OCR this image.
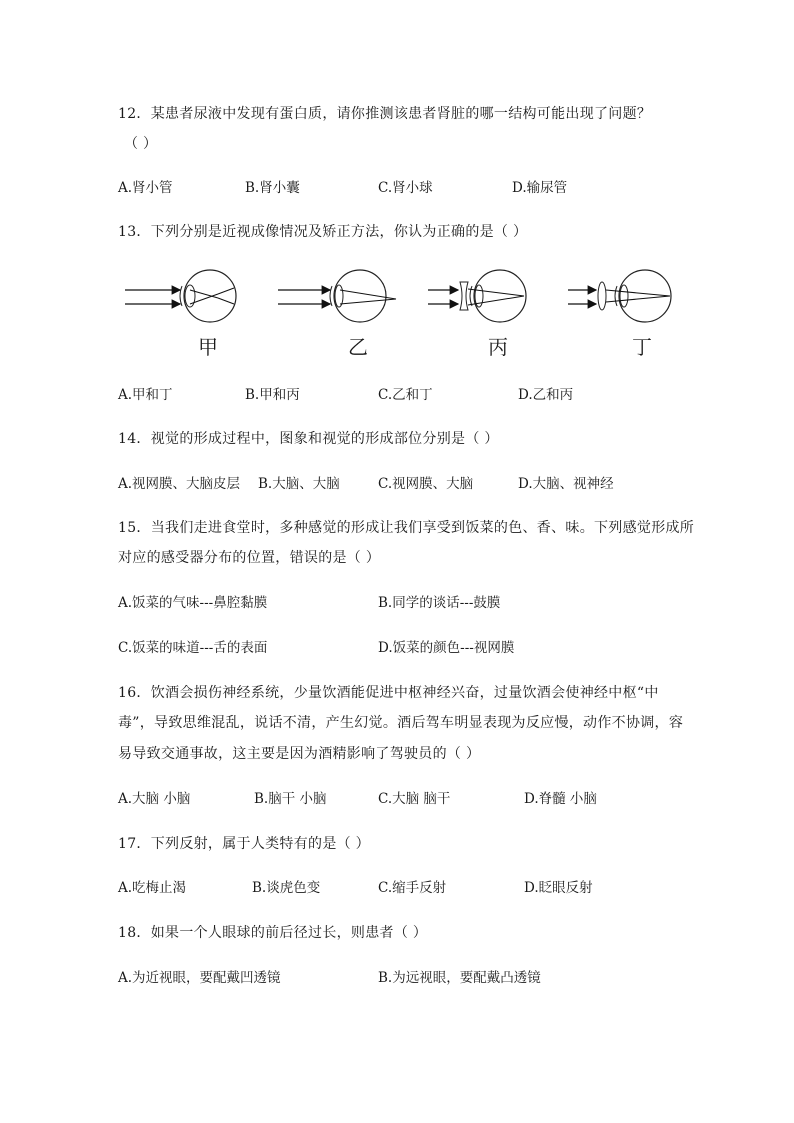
12．某患者尿液中发现有蛋白质，请你推测该患者肾脏的哪一结构可能出现了问题？
（ ）
A.肾小管	B.肾小囊	C.肾小球	D.输尿管
13．下列分别是近视成像情况及矫正方法，你认为正确的是（ ）
甲	乙	丙	丁
A.甲和丁	B.甲和丙	C.乙和丁	D.乙和丙
14．视觉的形成过程中，图象和视觉的形成部位分别是（ ）
A.视网膜、大脑皮层 B.大脑、大脑	C.视网膜、大脑	D.大脑、视神经
15．当我们走进食堂时，多种感觉的形成让我们享受到饭菜的色、香、味。下列感觉形成所
对应的感受器分布的位置，错误的是（ ）
A.饭菜的气味---鼻腔黏膜	B.同学的谈话---鼓膜
C.饭菜的味道---舌的表面	D.饭菜的颜色---视网膜
16．饮酒会损伤神经系统，少量饮酒能促进中枢神经兴奋，过量饮酒会使神经中枢“中
毒”，导致思维混乱，说话不清，产生幻觉。酒后驾车明显表现为反应慢，动作不协调，容
易导致交通事故，这主要是因为酒精影响了驾驶员的（ ）
A.大脑 小脑	B.脑干 小脑	C.大脑 脑干	D.脊髓 小脑
17．下列反射，属于人类特有的是（ ）
A.吃梅止渴	B.谈虎色变	C.缩手反射	D.眨眼反射
18．如果一个人眼球的前后径过长，则患者（ ）
A.为近视眼，要配戴凹透镜	B.为远视眼，要配戴凸透镜
